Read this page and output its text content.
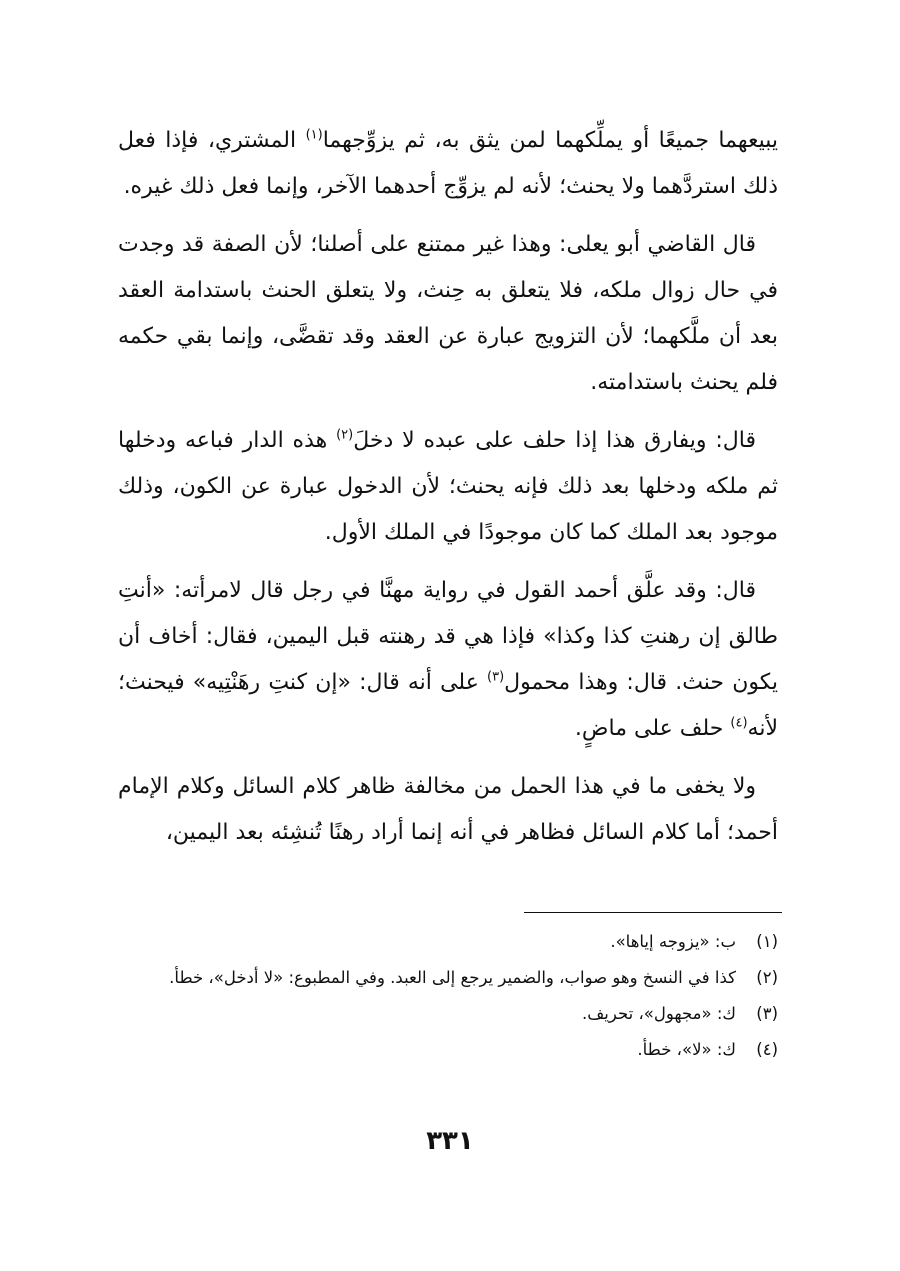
يبيعهما جميعًا أو يملِّكهما لمن يثق به، ثم يزوِّجهما$^{(١)}$ المشتري، فإذا فعل ذلك استردَّهما ولا يحنث؛ لأنه لم يزوِّج أحدهما الآخر، وإنما فعل ذلك غيره.

قال القاضي أبو يعلى: وهذا غير ممتنع على أصلنا؛ لأن الصفة قد وجدت في حال زوال ملكه، فلا يتعلق به حِنث، ولا يتعلق الحنث باستدامة العقد بعد أن ملَّكهما؛ لأن التزويج عبارة عن العقد وقد تقضَّى، وإنما بقي حكمه فلم يحنث باستدامته.

قال: ويفارق هذا إذا حلف على عبده لا دخلَ$^{(٢)}$ هذه الدار فباعه ودخلها ثم ملكه ودخلها بعد ذلك فإنه يحنث؛ لأن الدخول عبارة عن الكون، وذلك موجود بعد الملك كما كان موجودًا في الملك الأول.

قال: وقد علَّق أحمد القول في رواية مهنَّا في رجل قال لامرأته: «أنتِ طالق إن رهنتِ كذا وكذا» فإذا هي قد رهنته قبل اليمين، فقال: أخاف أن يكون حنث. قال: وهذا محمول$^{(٣)}$ على أنه قال: «إن كنتِ رهَنْتِيه» فيحنث؛ لأنه$^{(٤)}$ حلف على ماضٍ.

ولا يخفى ما في هذا الحمل من مخالفة ظاهر كلام السائل وكلام الإمام أحمد؛ أما كلام السائل فظاهر في أنه إنما أراد رهنًا تُنشِئه بعد اليمين،

(١)
ب: «يزوجه إياها».
(٢)
كذا في النسخ وهو صواب، والضمير يرجع إلى العبد. وفي المطبوع: «لا أدخل»، خطأ.
(٣)
ك: «مجهول»، تحريف.
(٤)
ك: «لا»، خطأ.
٣٣١
